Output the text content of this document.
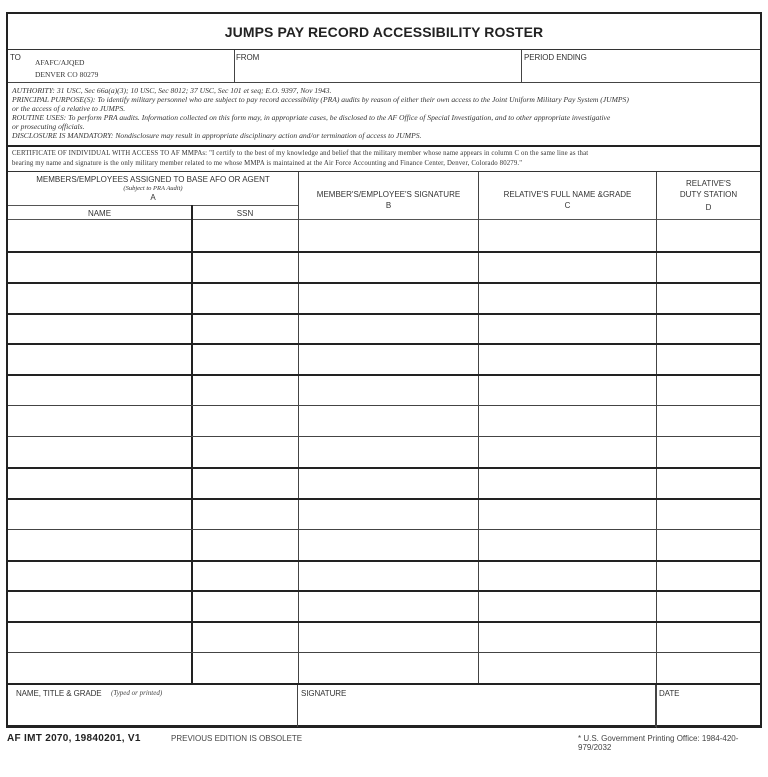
JUMPS PAY RECORD ACCESSIBILITY ROSTER
TO
AFAFC/AJQED
DENVER CO 80279
FROM	PERIOD ENDING
AUTHORITY: 31 USC, Sec 66a(a)(3); 10 USC, Sec 8012; 37 USC, Sec 101 et seq; E.O. 9397, Nov 1943.
PRINCIPAL PURPOSE(S): To identify military personnel who are subject to pay record accessibility (PRA) audits by reason of either their own access to the Joint Uniform Military Pay System (JUMPS)
or the access of a relative to JUMPS.
ROUTINE USES: To perform PRA audits. Information collected on this form may, in appropriate cases, be disclosed to the AF Office of Special Investigation, and to other appropriate investigative
or prosecuting officials.
DISCLOSURE IS MANDATORY: Nondisclosure may result in appropriate disciplinary action and/or termination of access to JUMPS.
CERTIFICATE OF INDIVIDUAL WITH ACCESS TO AF MMPAs: "I certify to the best of my knowledge and belief that the military member whose name appears in column C on the same line as that
bearing my name and signature is the only military member related to me whose MMPA is maintained at the Air Force Accounting and Finance Center, Denver, Colorado 80279."
MEMBERS/EMPLOYEES ASSIGNED TO BASE AFO OR AGENT
(Subject to PRA Audit)
A
NAME	SSN
MEMBER'S/EMPLOYEE'S SIGNATURE
B
RELATIVE'S FULL NAME &GRADE
C
RELATIVE'S
DUTY STATION
D
NAME, TITLE & GRADE (Typed or printed)	SIGNATURE	DATE
AF IMT 2070, 19840201, V1	PREVIOUS EDITION IS OBSOLETE	* U.S. Government Printing Office: 1984-420-979/2032
